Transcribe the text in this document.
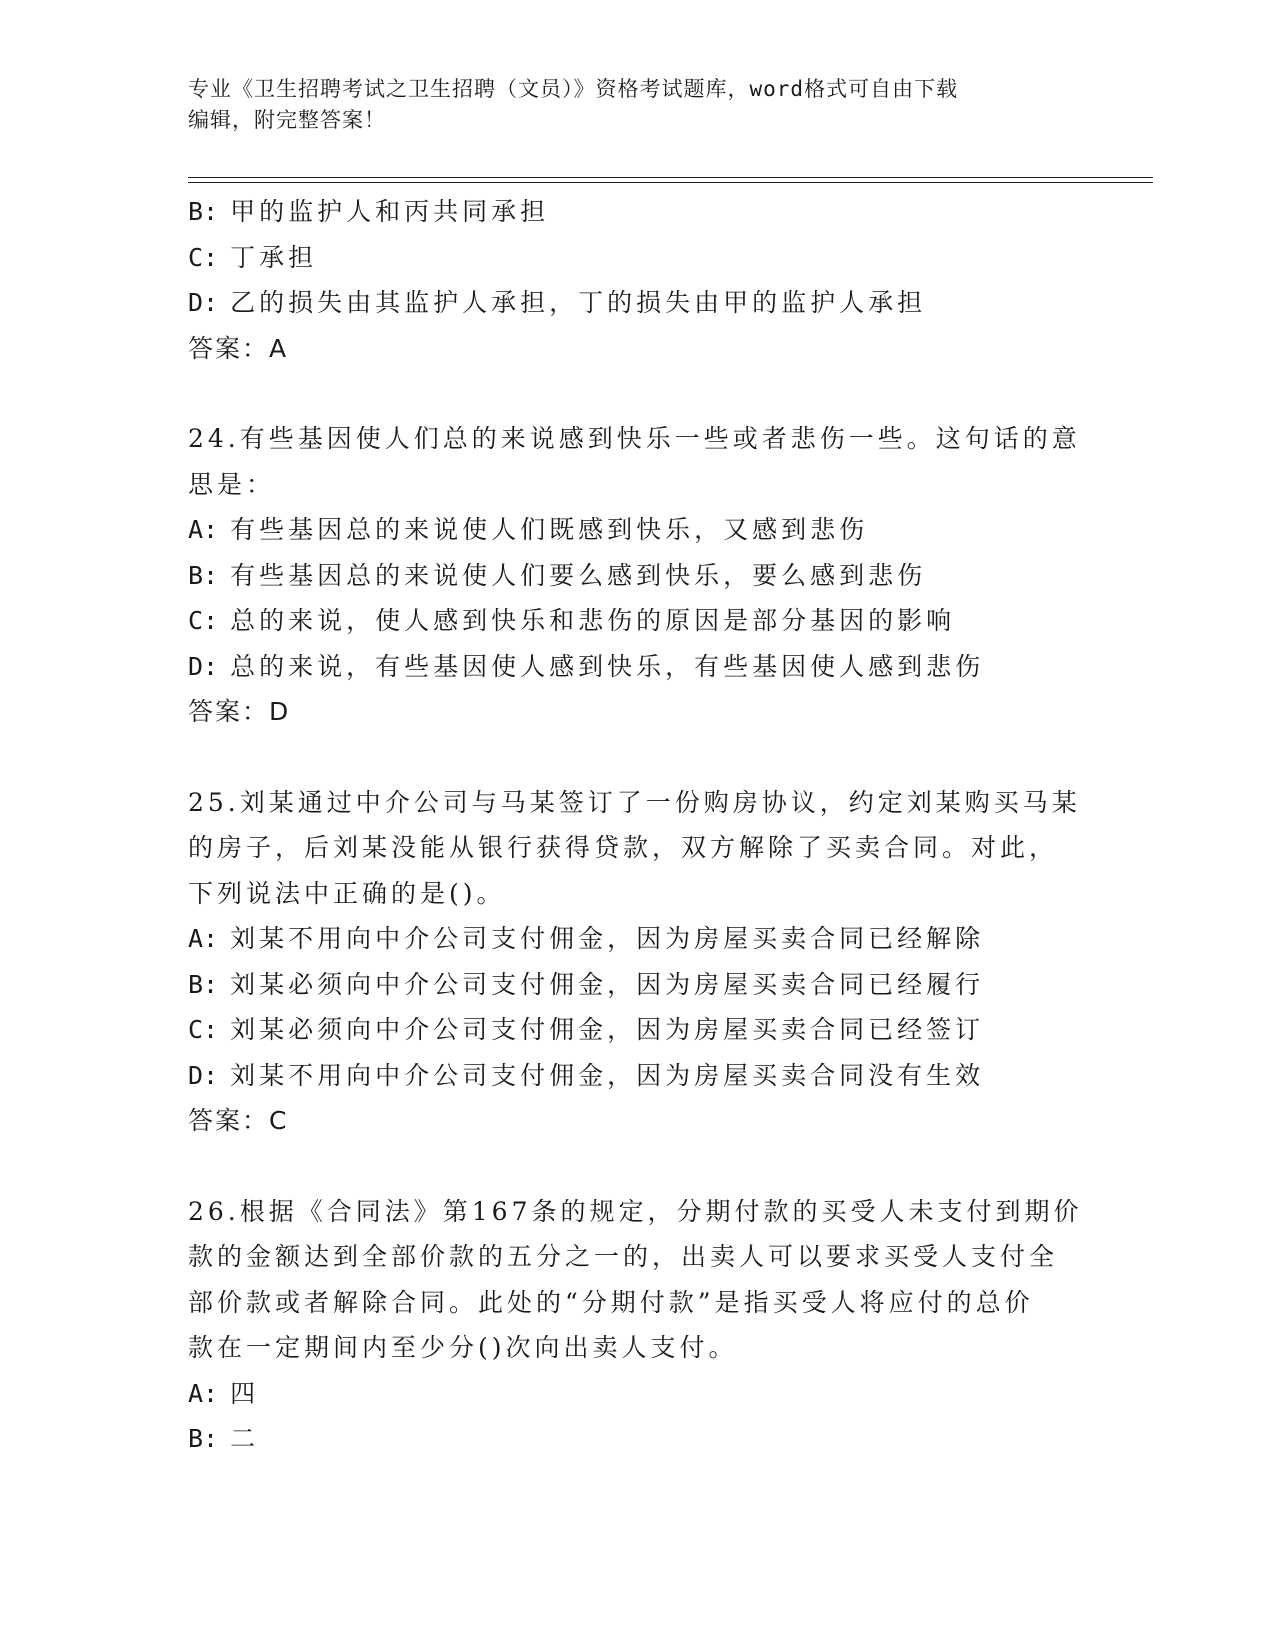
专业《卫生招聘考试之卫生招聘（文员）》资格考试题库，word格式可自由下载
编辑，附完整答案！
B: 甲的监护人和丙共同承担
C: 丁承担
D: 乙的损失由其监护人承担，丁的损失由甲的监护人承担
答案：A
24.有些基因使人们总的来说感到快乐一些或者悲伤一些。这句话的意
思是：
A: 有些基因总的来说使人们既感到快乐，又感到悲伤
B: 有些基因总的来说使人们要么感到快乐，要么感到悲伤
C: 总的来说，使人感到快乐和悲伤的原因是部分基因的影响
D: 总的来说，有些基因使人感到快乐，有些基因使人感到悲伤
答案：D
25.刘某通过中介公司与马某签订了一份购房协议，约定刘某购买马某
的房子，后刘某没能从银行获得贷款，双方解除了买卖合同。对此，
下列说法中正确的是()。
A: 刘某不用向中介公司支付佣金，因为房屋买卖合同已经解除
B: 刘某必须向中介公司支付佣金，因为房屋买卖合同已经履行
C: 刘某必须向中介公司支付佣金，因为房屋买卖合同已经签订
D: 刘某不用向中介公司支付佣金，因为房屋买卖合同没有生效
答案：C
26.根据《合同法》第167条的规定，分期付款的买受人未支付到期价
款的金额达到全部价款的五分之一的，出卖人可以要求买受人支付全
部价款或者解除合同。此处的“分期付款”是指买受人将应付的总价
款在一定期间内至少分()次向出卖人支付。
A: 四
B: 二
